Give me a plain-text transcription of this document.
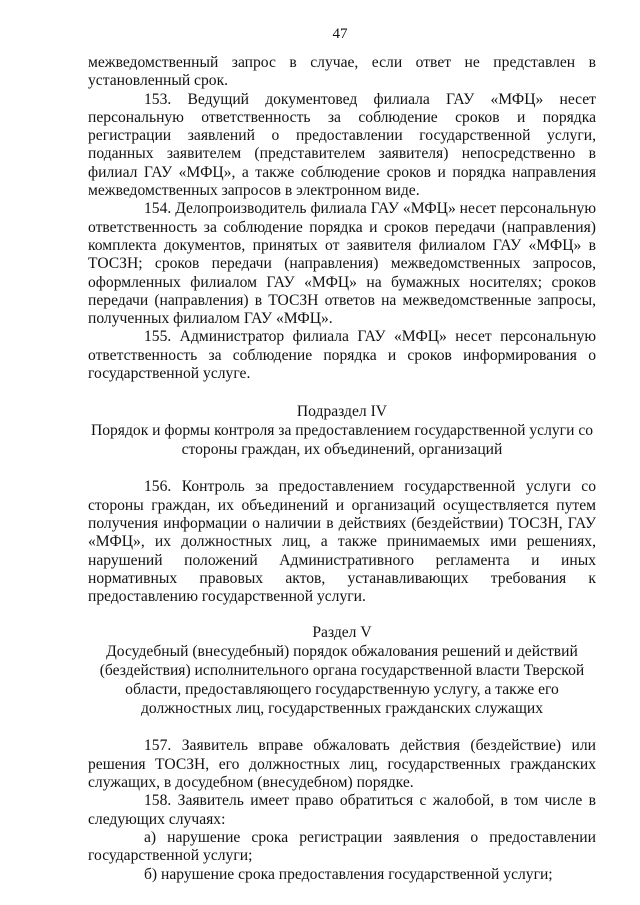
47

межведомственный запрос в случае, если ответ не представлен в установленный срок.

153. Ведущий документовед филиала ГАУ «МФЦ» несет персональную ответственность за соблюдение сроков и порядка регистрации заявлений о предоставлении государственной услуги, поданных заявителем (представителем заявителя) непосредственно в филиал ГАУ «МФЦ», а также соблюдение сроков и порядка направления межведомственных запросов в электронном виде.

154. Делопроизводитель филиала ГАУ «МФЦ» несет персональную ответственность за соблюдение порядка и сроков передачи (направления) комплекта документов, принятых от заявителя филиалом ГАУ «МФЦ» в ТОСЗН; сроков передачи (направления) межведомственных запросов, оформленных филиалом ГАУ «МФЦ» на бумажных носителях; сроков передачи (направления) в ТОСЗН ответов на межведомственные запросы, полученных филиалом ГАУ «МФЦ».

155. Администратор филиала ГАУ «МФЦ» несет персональную ответственность за соблюдение порядка и сроков информирования о государственной услуге.

Подраздел IV

Порядок и формы контроля за предоставлением государственной услуги со стороны граждан, их объединений, организаций

156. Контроль за предоставлением государственной услуги со стороны граждан, их объединений и организаций осуществляется путем получения информации о наличии в действиях (бездействии) ТОСЗН, ГАУ «МФЦ», их должностных лиц, а также принимаемых ими решениях, нарушений положений Административного регламента и иных нормативных правовых актов, устанавливающих требования к предоставлению государственной услуги.

Раздел V

Досудебный (внесудебный) порядок обжалования решений и действий (бездействия) исполнительного органа государственной власти Тверской области, предоставляющего государственную услугу, а также его должностных лиц, государственных гражданских служащих

157. Заявитель вправе обжаловать действия (бездействие) или решения ТОСЗН, его должностных лиц, государственных гражданских служащих, в досудебном (внесудебном) порядке.

158. Заявитель имеет право обратиться с жалобой, в том числе в следующих случаях:

а) нарушение срока регистрации заявления о предоставлении государственной услуги;

б) нарушение срока предоставления государственной услуги;
